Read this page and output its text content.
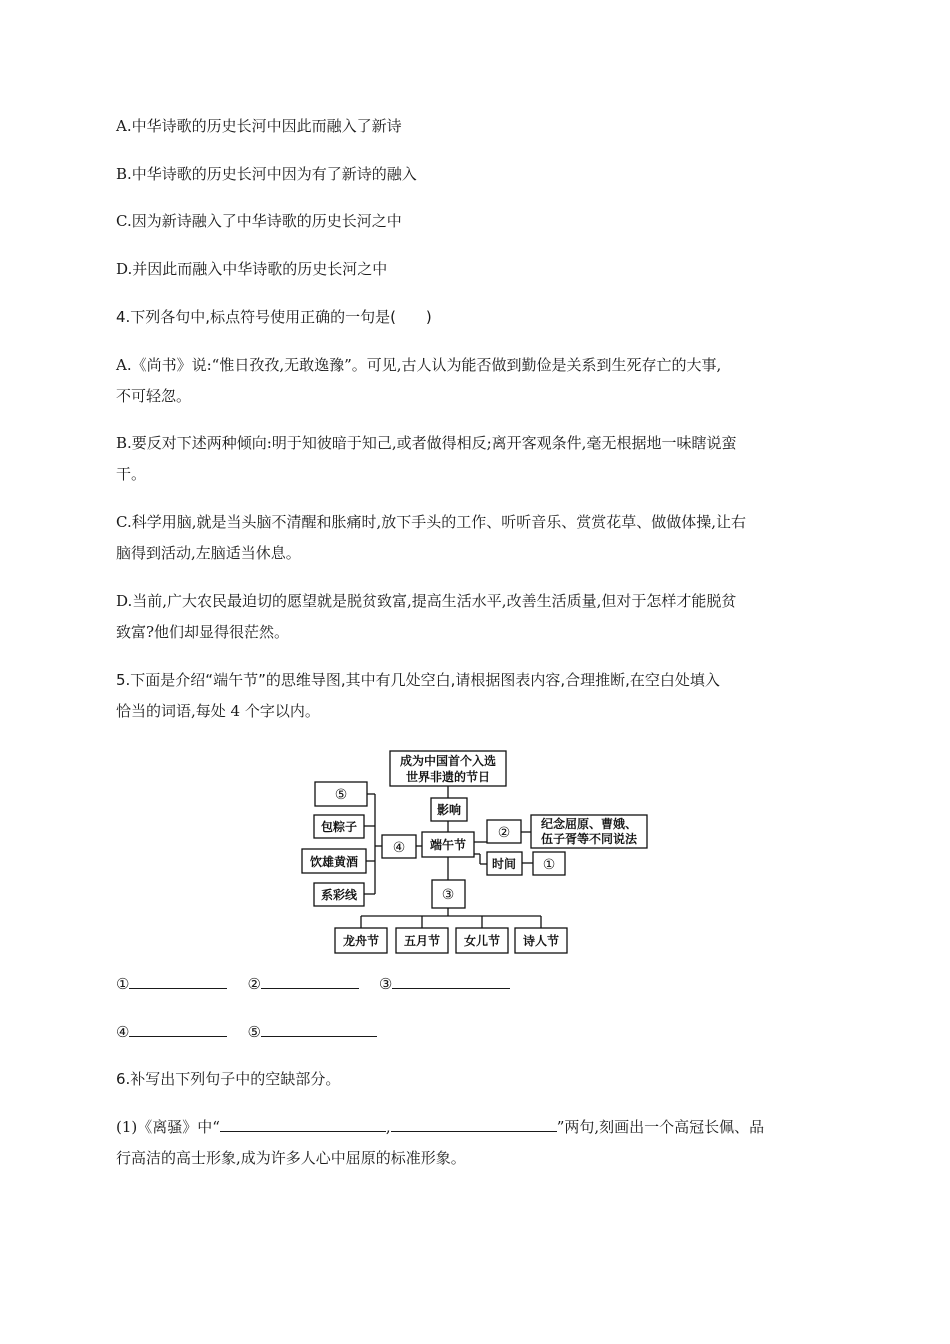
A.中华诗歌的历史长河中因此而融入了新诗
B.中华诗歌的历史长河中因为有了新诗的融入
C.因为新诗融入了中华诗歌的历史长河之中
D.并因此而融入中华诗歌的历史长河之中
4.下列各句中,标点符号使用正确的一句是(　　)
A.《尚书》说:“惟日孜孜,无敢逸豫”。可见,古人认为能否做到勤俭是关系到生死存亡的大事,
不可轻忽。
B.要反对下述两种倾向:明于知彼暗于知己,或者做得相反;离开客观条件,毫无根据地一味瞎说蛮
干。
C.科学用脑,就是当头脑不清醒和胀痛时,放下手头的工作、听听音乐、赏赏花草、做做体操,让右
脑得到活动,左脑适当休息。
D.当前,广大农民最迫切的愿望就是脱贫致富,提高生活水平,改善生活质量,但对于怎样才能脱贫
致富?他们却显得很茫然。
5.下面是介绍“端午节”的思维导图,其中有几处空白,请根据图表内容,合理推断,在空白处填入
恰当的词语,每处 4 个字以内。
成为中国首个入选
世界非遗的节日
影响
⑤
包粽子
饮雄黄酒
系彩线
④ 端午节
②
纪念屈原、曹娥、
伍子胥等不同说法
时间 ①
③
龙舟节 五月节 女儿节 诗人节
①	②	③
④	⑤
6.补写出下列句子中的空缺部分。
(1)《离骚》中“	,	”两句,刻画出一个高冠长佩、品
行高洁的高士形象,成为许多人心中屈原的标准形象。
